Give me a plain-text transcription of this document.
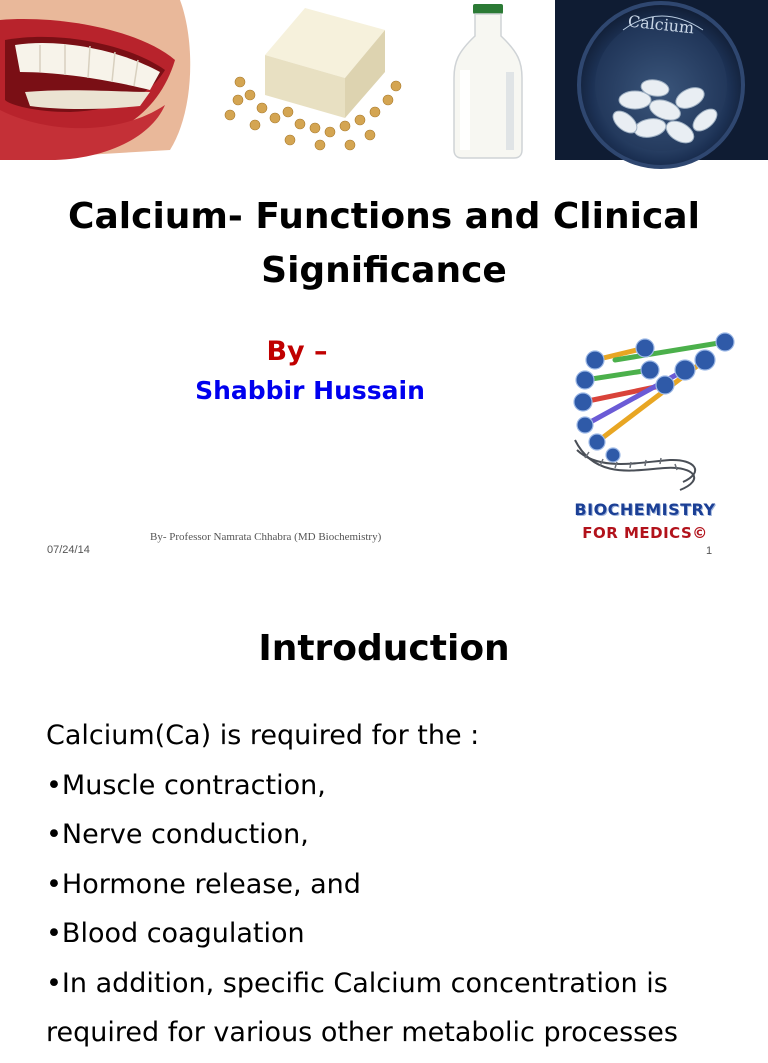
Calcium
Calcium- Functions and Clinical Significance
By –
Shabbir Hussain
BIOCHEMISTRY
FOR MEDICS©
07/24/14
By- Professor Namrata Chhabra (MD Biochemistry)
1
Introduction
Calcium(Ca) is required for the :
•Muscle contraction,
•Nerve conduction,
•Hormone release, and
•Blood coagulation
•In addition, specific Calcium concentration is
required for various other metabolic processes
